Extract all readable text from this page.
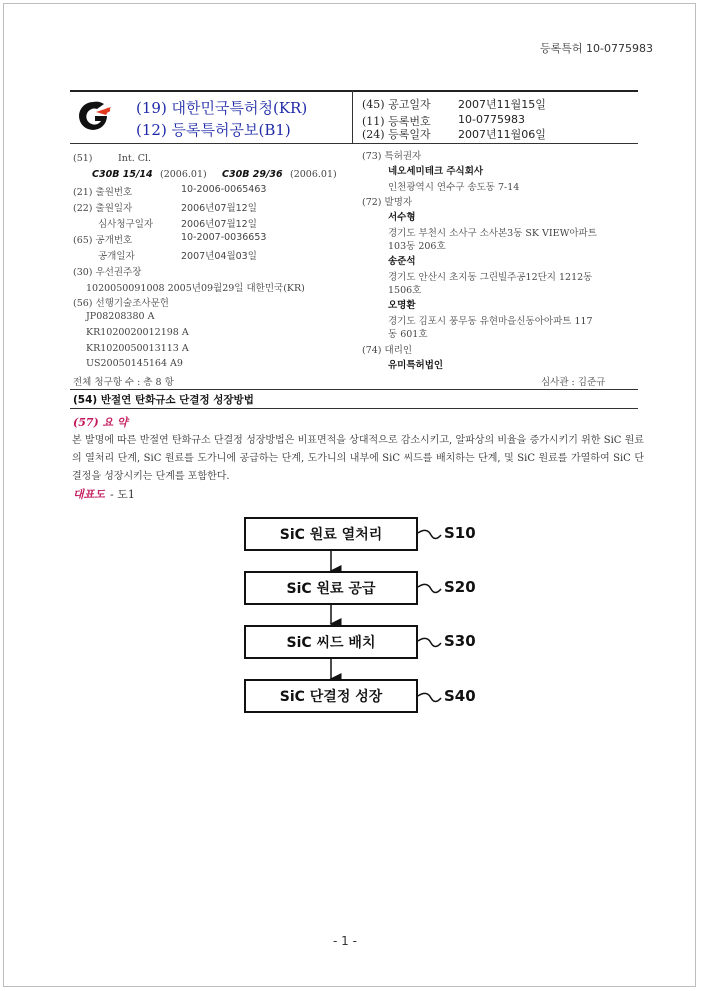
등록특허 10-0775983
(19) 대한민국특허청(KR)
(12) 등록특허공보(B1)
(45) 공고일자 2007년11월15일
(11) 등록번호 10-0775983
(24) 등록일자 2007년11월06일
(51)	Int. Cl.
C30B 15/14 (2006.01) C30B 29/36 (2006.01)
(21) 출원번호	10-2006-0065463
(22) 출원일자	2006년07월12일
심사청구일자	2006년07월12일
(65) 공개번호	10-2007-0036653
공개일자	2007년04월03일
(30) 우선권주장
1020050091008 2005년09월29일 대한민국(KR)
(56) 선행기술조사문헌
JP08208380 A
KR1020020012198 A
KR1020050013113 A
US20050145164 A9
전체 청구항 수 : 총 8 항
(73) 특허권자
네오세미테크 주식회사
인천광역시 연수구 송도동 7-14
(72) 발명자
서수형
경기도 부천시 소사구 소사본3동 SK VIEW아파트
103동 206호
송준석
경기도 안산시 초지동 그린빌주공12단지 1212동
1506호
오명환
경기도 김포시 풍무동 유현마을신동아아파트 117
동 601호
(74) 대리인
유미특허법인
심사관 : 김준규
(54) 반절연 탄화규소 단결정 성장방법
(57) 요 약
본 발명에 따른 반절연 탄화규소 단결정 성장방법은 비표면적을 상대적으로 감소시키고, 알파상의 비율을 증가시키기 위한 SiC 원료의 열처리 단계, SiC 원료를 도가니에 공급하는 단계, 도가니의 내부에 SiC 씨드를 배치하는 단계, 및 SiC 원료를 가열하여 SiC 단결정을 성장시키는 단계를 포함한다.
대표도 - 도1
SiC 원료 열처리
SiC 원료 공급
SiC 씨드 배치
SiC 단결정 성장
S10
S20
S30
S40
- 1 -
